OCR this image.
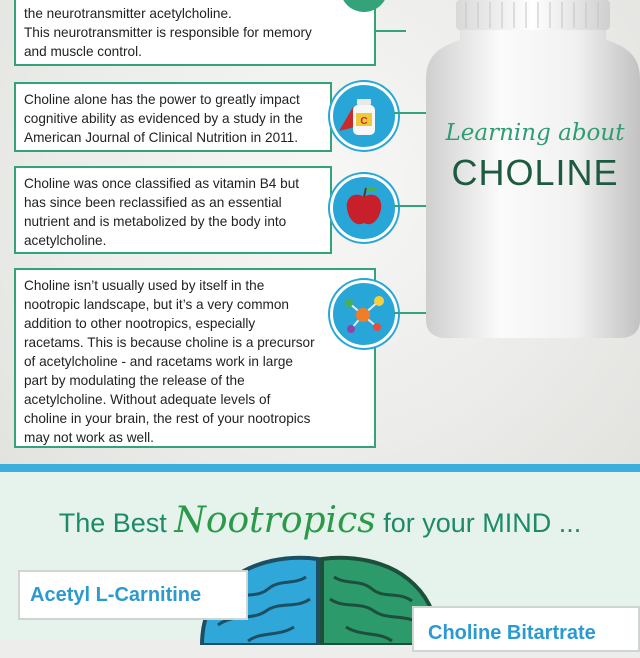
the neurotransmitter acetylcholine.
This neurotransmitter is responsible for memory
and muscle control.
Choline alone has the power to greatly impact
cognitive ability as evidenced by a study in the
American Journal of Clinical Nutrition in 2011.
C
Choline was once classified as vitamin B4 but
has since been reclassified as an essential
nutrient and is metabolized by the body into
acetylcholine.
Choline isn’t usually used by itself in the
nootropic landscape, but it’s a very common
addition to other nootropics, especially
racetams. This is because choline is a precursor
of acetylcholine - and racetams work in large
part by modulating the release of the
acetylcholine. Without adequate levels of
choline in your brain, the rest of your nootropics
may not work as well.
Learning about
CHOLINE
The Best Nootropics for your MIND ...
Acetyl L-Carnitine
Choline Bitartrate
